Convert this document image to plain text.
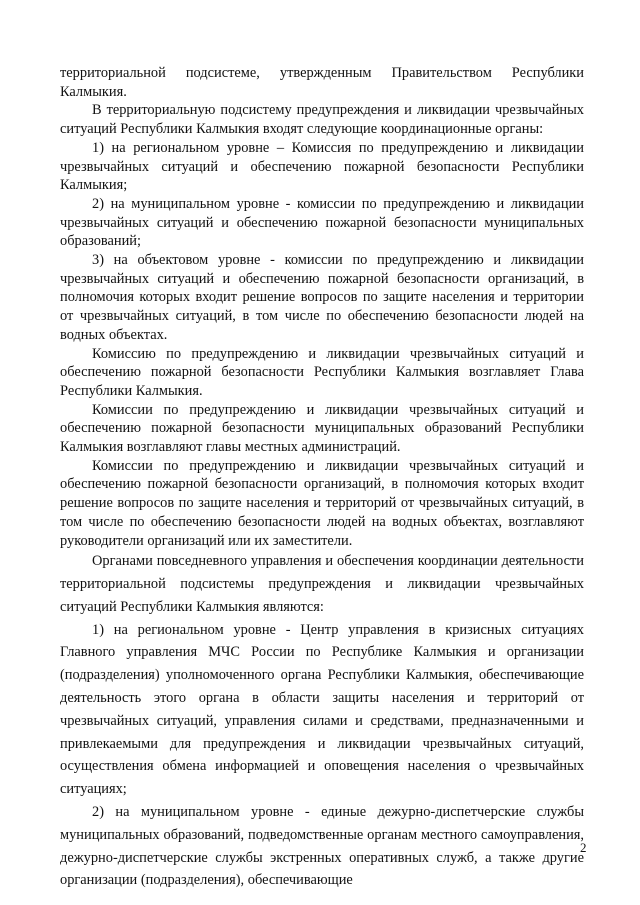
территориальной подсистеме, утвержденным Правительством Республики Калмыкия.

В территориальную подсистему предупреждения и ликвидации чрезвычайных ситуаций Республики Калмыкия входят следующие координационные органы:

1) на региональном уровне – Комиссия по предупреждению и ликвидации чрезвычайных ситуаций и обеспечению пожарной безопасности Республики Калмыкия;

2) на муниципальном уровне - комиссии по предупреждению и ликвидации чрезвычайных ситуаций и обеспечению пожарной безопасности муниципальных образований;

3) на объектовом уровне - комиссии по предупреждению и ликвидации чрезвычайных ситуаций и обеспечению пожарной безопасности организаций, в полномочия которых входит решение вопросов по защите населения и территории от чрезвычайных ситуаций, в том числе по обеспечению безопасности людей на водных объектах.

Комиссию по предупреждению и ликвидации чрезвычайных ситуаций и обеспечению пожарной безопасности Республики Калмыкия возглавляет Глава Республики Калмыкия.

Комиссии по предупреждению и ликвидации чрезвычайных ситуаций и обеспечению пожарной безопасности муниципальных образований Республики Калмыкия возглавляют главы местных администраций.

Комиссии по предупреждению и ликвидации чрезвычайных ситуаций и обеспечению пожарной безопасности организаций, в полномочия которых входит решение вопросов по защите населения и территорий от чрезвычайных ситуаций, в том числе по обеспечению безопасности людей на водных объектах, возглавляют руководители организаций или их заместители.

Органами повседневного управления и обеспечения координации деятельности территориальной подсистемы предупреждения и ликвидации чрезвычайных ситуаций Республики Калмыкия являются:

1) на региональном уровне - Центр управления в кризисных ситуациях Главного управления МЧС России по Республике Калмыкия и организации (подразделения) уполномоченного органа Республики Калмыкия, обеспечивающие деятельность этого органа в области защиты населения и территорий от чрезвычайных ситуаций, управления силами и средствами, предназначенными и привлекаемыми для предупреждения и ликвидации чрезвычайных ситуаций, осуществления обмена информацией и оповещения населения о чрезвычайных ситуациях;

2) на муниципальном уровне - единые дежурно-диспетчерские службы муниципальных образований, подведомственные органам местного самоуправления, дежурно-диспетчерские службы экстренных оперативных служб, а также другие организации (подразделения), обеспечивающие

2
